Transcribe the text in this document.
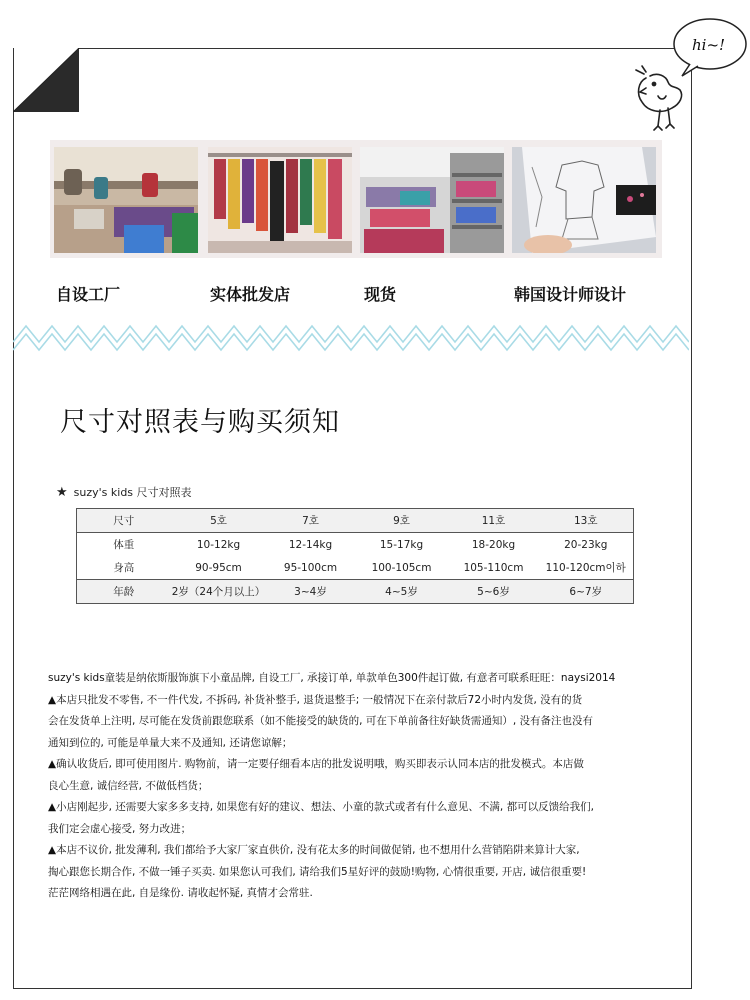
hi~!
自设工厂	实体批发店	现货	韩国设计师设计
尺寸对照表与购买须知
★ suzy's kids 尺寸对照表
尺寸	5호	7호	9호	11호	13호
体重	10-12kg	12-14kg	15-17kg	18-20kg	20-23kg
身高	90-95cm	95-100cm	100-105cm	105-110cm	110-120cm이하
年龄	2岁（24个月以上）	3~4岁	4~5岁	5~6岁	6~7岁

suzy's kids童装是纳依斯服饰旗下小童品牌, 自设工厂, 承接订单, 单款单色300件起订做, 有意者可联系旺旺：naysi2014

▲本店只批发不零售, 不一件代发, 不拆码, 补货补整手, 退货退整手; 一般情况下在亲付款后72小时内发货, 没有的货

会在发货单上注明, 尽可能在发货前跟您联系（如不能接受的缺货的, 可在下单前备往好缺货需通知）, 没有备注也没有

通知到位的, 可能是单量大来不及通知, 还请您谅解；

▲确认收货后, 即可使用图片. 购物前，请一定要仔细看本店的批发说明哦，购买即表示认同本店的批发模式。本店做

良心生意, 诚信经营, 不做低档货；

▲小店刚起步, 还需要大家多多支持, 如果您有好的建议、想法、小童的款式或者有什么意见、不满, 都可以反馈给我们,

我们定会虚心接受, 努力改进；

▲本店不议价, 批发薄利, 我们都给予大家厂家直供价, 没有花太多的时间做促销, 也不想用什么营销陷阱来算计大家,

掏心跟您长期合作, 不做一锤子买卖. 如果您认可我们, 请给我们5星好评的鼓励!购物, 心情很重要, 开店, 诚信很重要!

茫茫网络相遇在此, 自是缘份. 请收起怀疑, 真情才会常驻.
